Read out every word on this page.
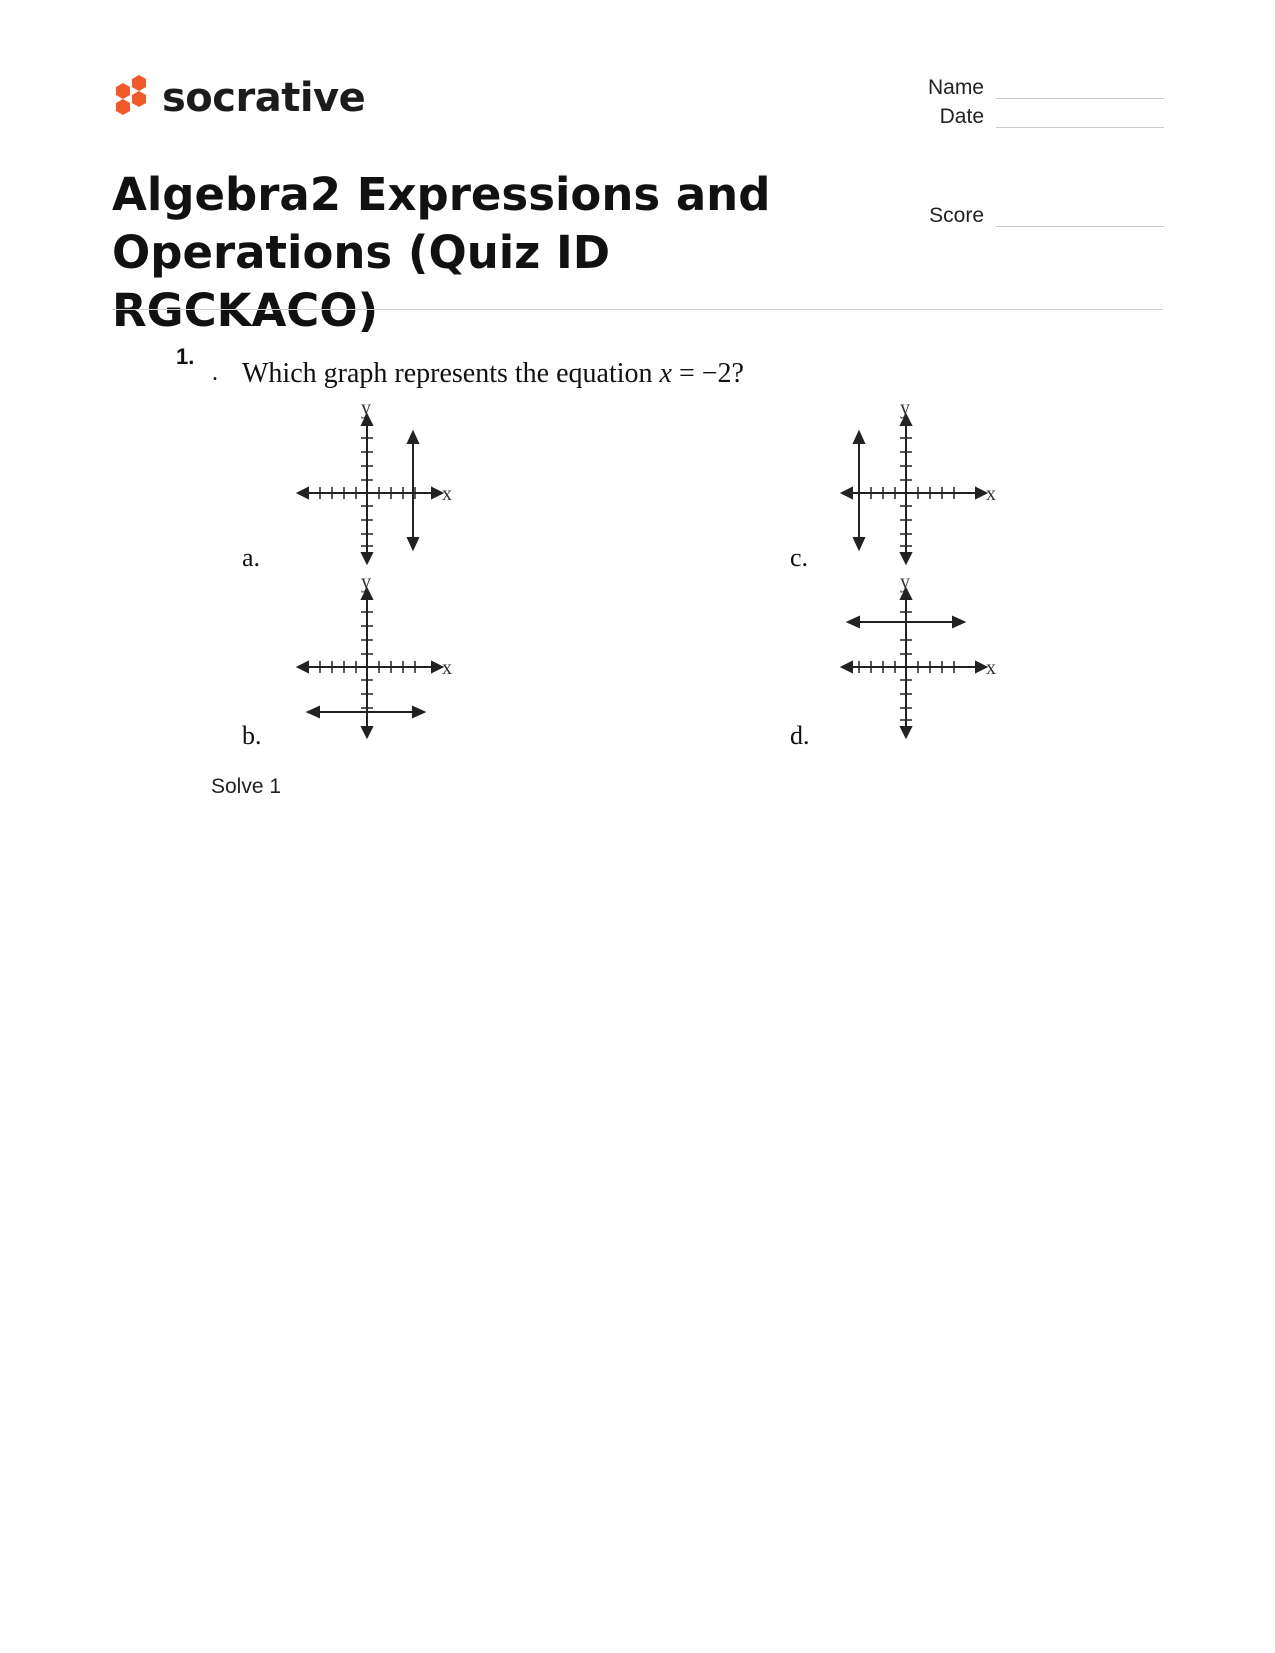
socrative	Name
Date
Score
Algebra2 Expressions and
Operations (Quiz ID RGCKACO)
1.
. Which graph represents the equation x = −2?
a.
b.
c.
d.
x
y
x
y
x
y
x
y
Solve 1
